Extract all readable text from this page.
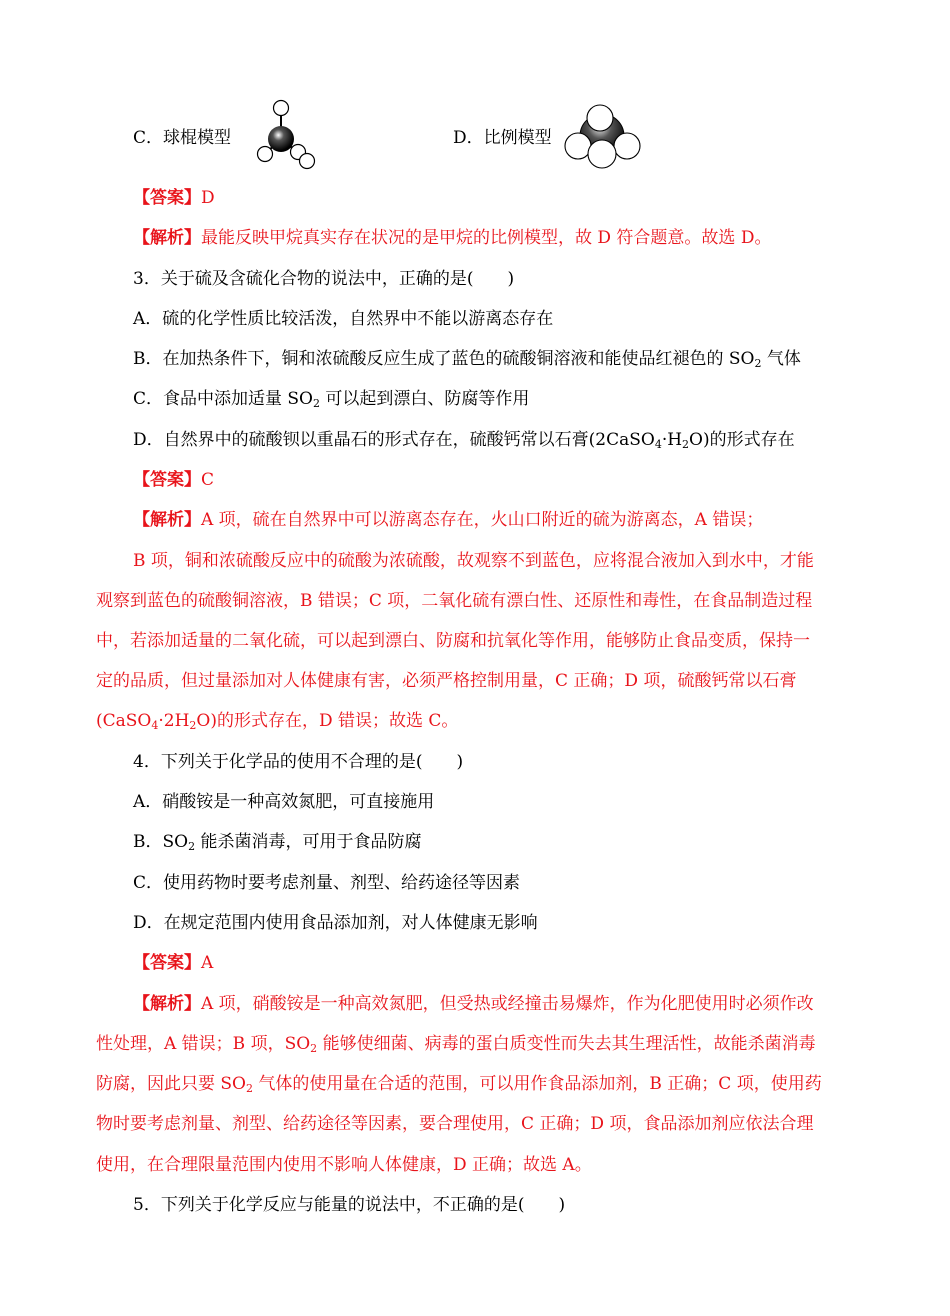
C．球棍模型	D．比例模型
【答案】D
【解析】最能反映甲烷真实存在状况的是甲烷的比例模型，故 D 符合题意。故选 D。
3．关于硫及含硫化合物的说法中，正确的是(　　)
A．硫的化学性质比较活泼，自然界中不能以游离态存在
B．在加热条件下，铜和浓硫酸反应生成了蓝色的硫酸铜溶液和能使品红褪色的 $SO_2$ 气体
C．食品中添加适量 $SO_2$ 可以起到漂白、防腐等作用
D．自然界中的硫酸钡以重晶石的形式存在，硫酸钙常以石膏$(2CaSO_4\cdot H_2O)$的形式存在
【答案】C
【解析】A 项，硫在自然界中可以游离态存在，火山口附近的硫为游离态，A 错误；
B 项，铜和浓硫酸反应中的硫酸为浓硫酸，故观察不到蓝色，应将混合液加入到水中，才能
观察到蓝色的硫酸铜溶液，B 错误；C 项，二氧化硫有漂白性、还原性和毒性，在食品制造过程
中，若添加适量的二氧化硫，可以起到漂白、防腐和抗氧化等作用，能够防止食品变质，保持一
定的品质，但过量添加对人体健康有害，必须严格控制用量，C 正确；D 项，硫酸钙常以石膏
$(CaSO_4\cdot 2H_2O)$的形式存在，D 错误；故选 C。
4．下列关于化学品的使用不合理的是(　　)
A．硝酸铵是一种高效氮肥，可直接施用
B．$SO_2$ 能杀菌消毒，可用于食品防腐
C．使用药物时要考虑剂量、剂型、给药途径等因素
D．在规定范围内使用食品添加剂，对人体健康无影响
【答案】A
【解析】A 项，硝酸铵是一种高效氮肥，但受热或经撞击易爆炸，作为化肥使用时必须作改
性处理，A 错误；B 项，$SO_2$ 能够使细菌、病毒的蛋白质变性而失去其生理活性，故能杀菌消毒
防腐，因此只要 $SO_2$ 气体的使用量在合适的范围，可以用作食品添加剂，B 正确；C 项，使用药
物时要考虑剂量、剂型、给药途径等因素，要合理使用，C 正确；D 项，食品添加剂应依法合理
使用，在合理限量范围内使用不影响人体健康，D 正确；故选 A。
5．下列关于化学反应与能量的说法中，不正确的是(　　)
